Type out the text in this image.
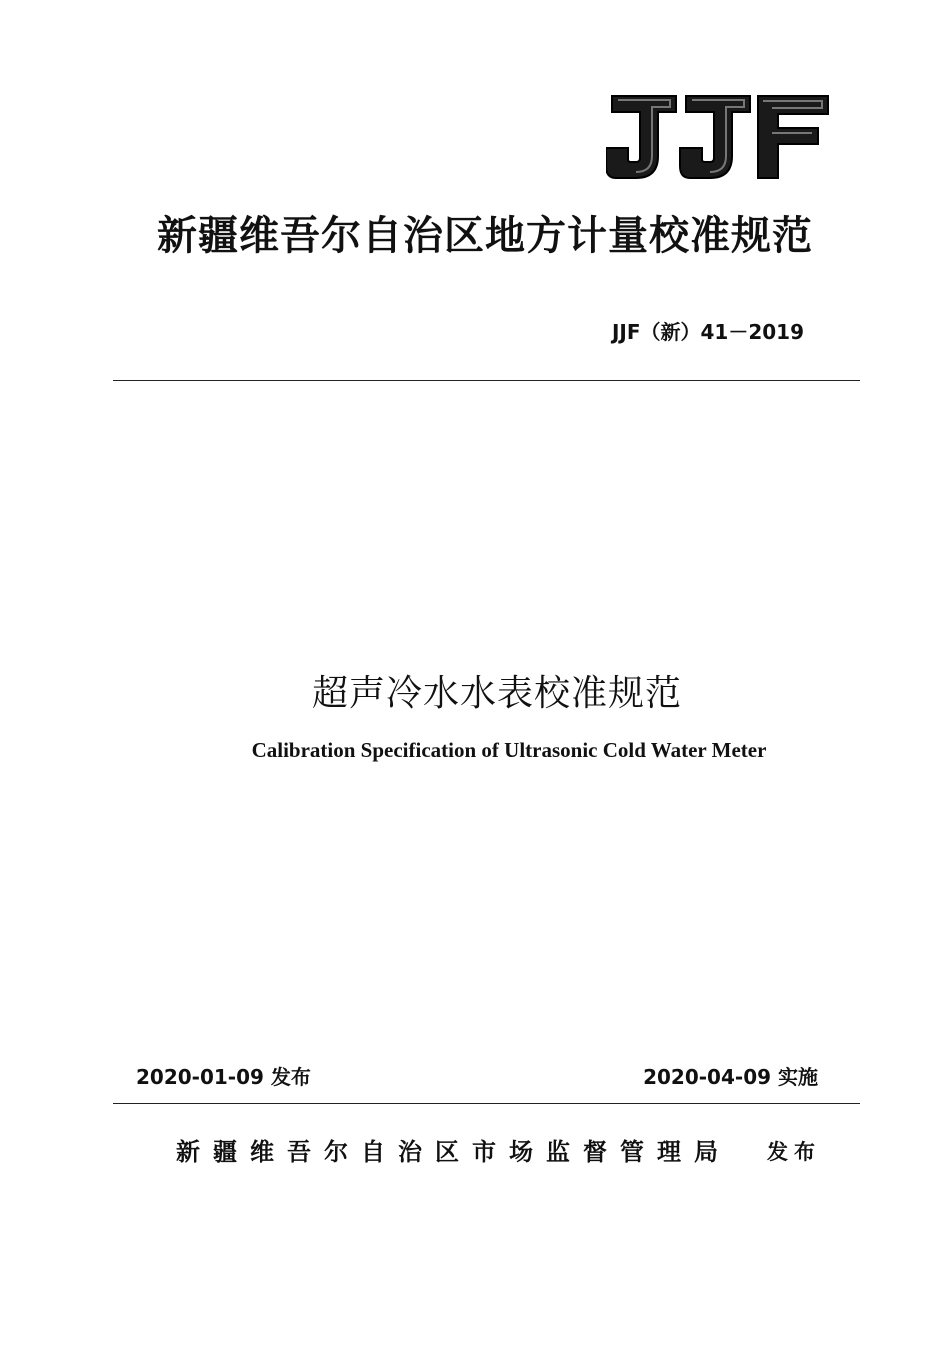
新疆维吾尔自治区地方计量校准规范
JJF（新）41－2019
超声冷水水表校准规范
Calibration Specification of Ultrasonic Cold Water Meter
2020-01-09 发布	2020-04-09 实施
新疆维吾尔自治区市场监督管理局 发布
